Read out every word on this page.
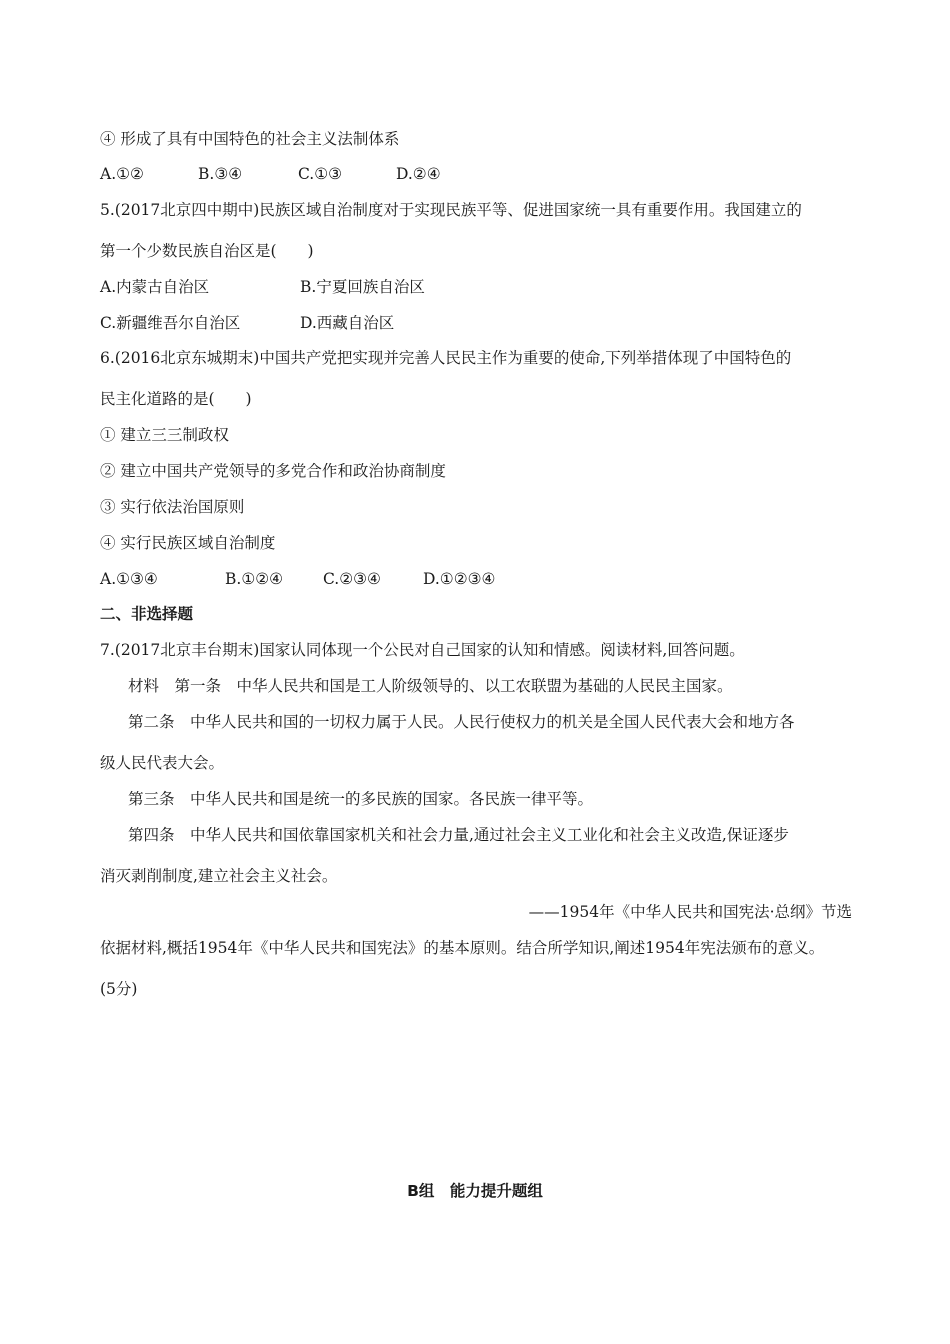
④ 形成了具有中国特色的社会主义法制体系
A.①②	B.③④	C.①③	D.②④
5.(2017北京四中期中)民族区域自治制度对于实现民族平等、促进国家统一具有重要作用。我国建立的
第一个少数民族自治区是(　　)
A.内蒙古自治区	B.宁夏回族自治区
C.新疆维吾尔自治区	D.西藏自治区
6.(2016北京东城期末)中国共产党把实现并完善人民民主作为重要的使命,下列举措体现了中国特色的
民主化道路的是(　　)
① 建立三三制政权
② 建立中国共产党领导的多党合作和政治协商制度
③ 实行依法治国原则
④ 实行民族区域自治制度
A.①③④	B.①②④	C.②③④	D.①②③④
二、非选择题
7.(2017北京丰台期末)国家认同体现一个公民对自己国家的认知和情感。阅读材料,回答问题。
材料　第一条　中华人民共和国是工人阶级领导的、以工农联盟为基础的人民民主国家。
第二条　中华人民共和国的一切权力属于人民。人民行使权力的机关是全国人民代表大会和地方各
级人民代表大会。
第三条　中华人民共和国是统一的多民族的国家。各民族一律平等。
第四条　中华人民共和国依靠国家机关和社会力量,通过社会主义工业化和社会主义改造,保证逐步
消灭剥削制度,建立社会主义社会。
——1954年《中华人民共和国宪法·总纲》节选
依据材料,概括1954年《中华人民共和国宪法》的基本原则。结合所学知识,阐述1954年宪法颁布的意义。
(5分)
B组　能力提升题组
